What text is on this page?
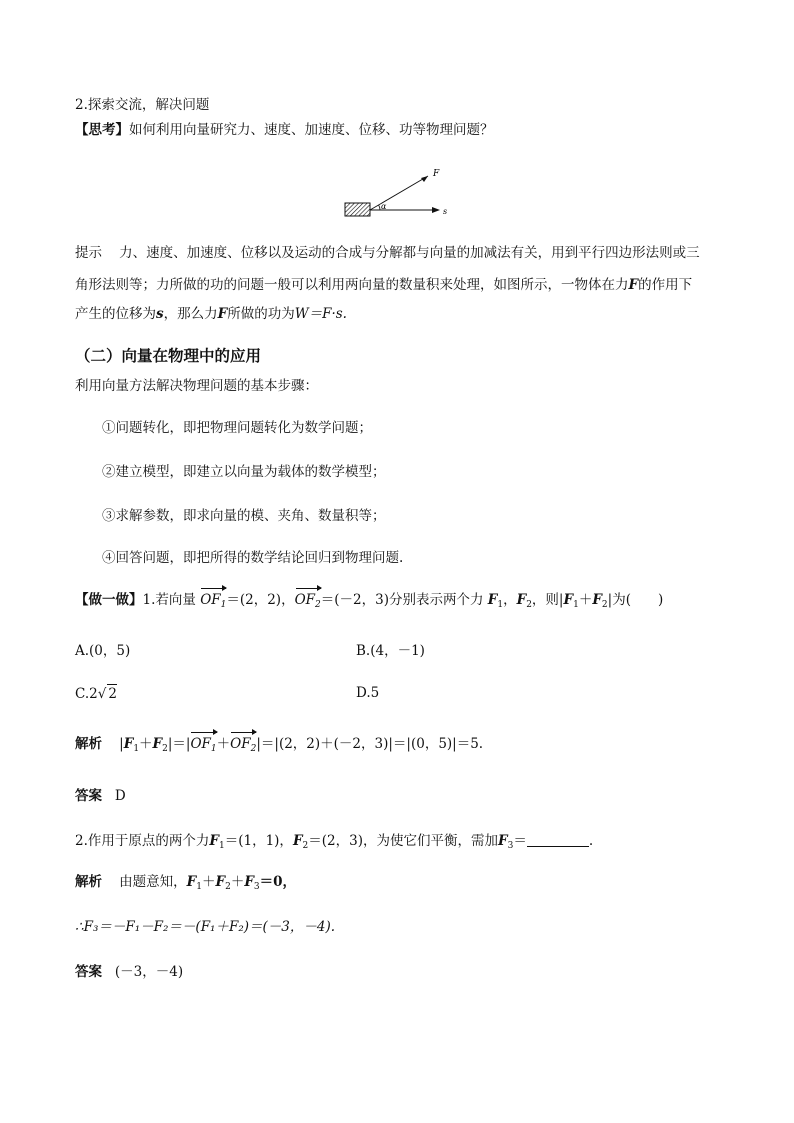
2.探索交流，解决问题
【思考】如何利用向量研究力、速度、加速度、位移、功等物理问题？
F
α
s
提示 力、速度、加速度、位移以及运动的合成与分解都与向量的加减法有关，用到平行四边形法则或三
角形法则等；力所做的功的问题一般可以利用两向量的数量积来处理，如图所示，一物体在力F的作用下
产生的位移为s，那么力F所做的功为W＝F·s.
（二）向量在物理中的应用
利用向量方法解决物理问题的基本步骤：
①问题转化，即把物理问题转化为数学问题；
②建立模型，即建立以向量为载体的数学模型；
③求解参数，即求向量的模、夹角、数量积等；
④回答问题，即把所得的数学结论回归到物理问题.
【做一做】1.若向量 $OF_1=(2$，2)，$OF_2=(-2$，3)分别表示两个力 $F_1$，$F_2$，则$|F_1+F_2|$为(　　)
A.(0，5)	B.(4，－1)
C.2√ 2	D.5
解析    $|F_1+F_2|=|OF_1+OF_2|=|(2$，2)＋(－2，3)|＝|(0，5)|＝5.
答案 D
2.作用于原点的两个力$F_1=(1$，1)，$F_2=(2$，3)，为使它们平衡，需加$F_3=$	.
解析 由题意知，$F_1+F_2+F_3=0$，
∴F₃＝－F₁－F₂＝－(F₁＋F₂)＝(－3，－4).
答案 (－3，－4)
